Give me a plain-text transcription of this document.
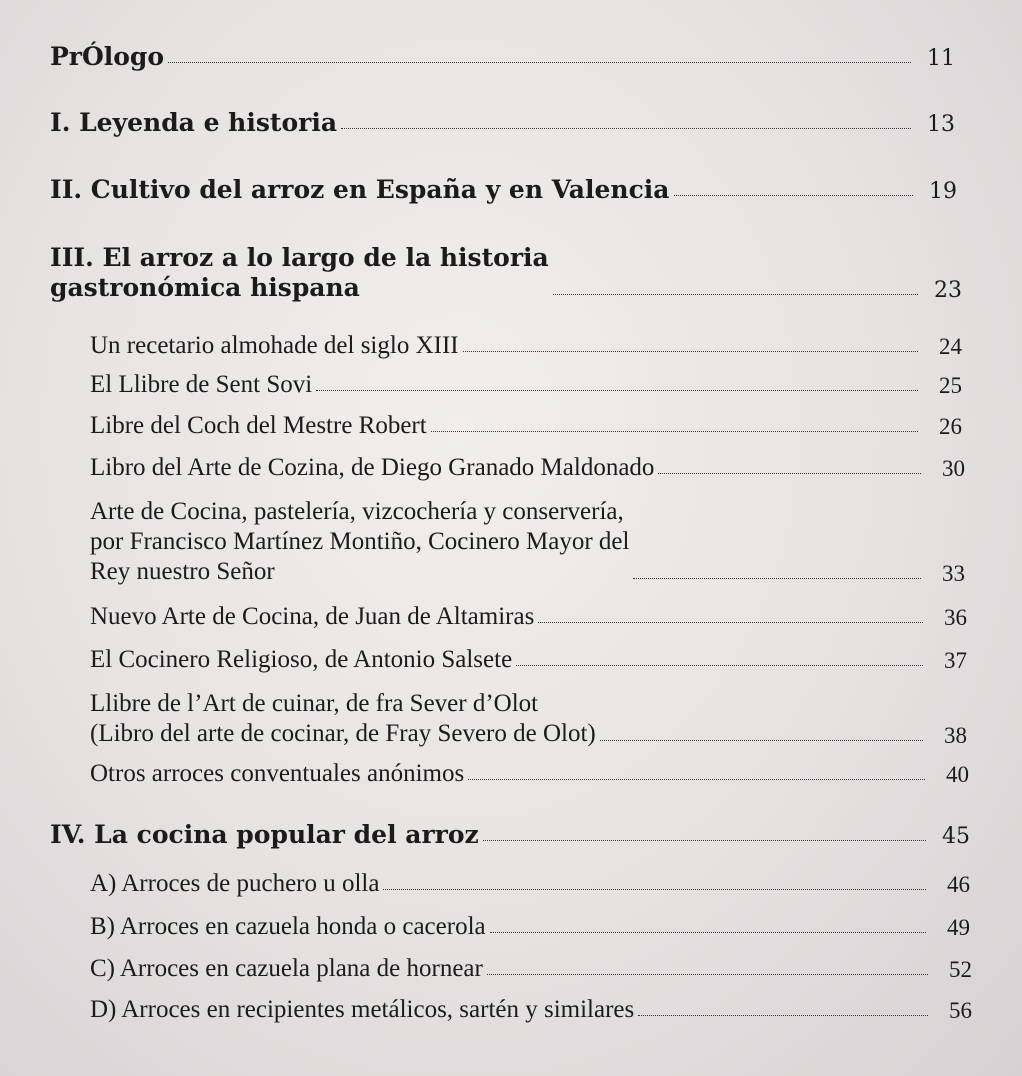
PrÓlogo	11
I. Leyenda e historia	13
II. Cultivo del arroz en España y en Valencia	19
III. El arroz a lo largo de la historia
gastronómica hispana	23
Un recetario almohade del siglo XIII	24
El Llibre de Sent Sovi	25
Libre del Coch del Mestre Robert	26
Libro del Arte de Cozina, de Diego Granado Maldonado	30
Arte de Cocina, pastelería, vizcochería y conservería,
por Francisco Martínez Montiño, Cocinero Mayor del
Rey nuestro Señor	33
Nuevo Arte de Cocina, de Juan de Altamiras	36
El Cocinero Religioso, de Antonio Salsete	37
Llibre de l’Art de cuinar, de fra Sever d’Olot
(Libro del arte de cocinar, de Fray Severo de Olot)	38
Otros arroces conventuales anónimos	40
IV. La cocina popular del arroz	45
A) Arroces de puchero u olla	46
B) Arroces en cazuela honda o cacerola	49
C) Arroces en cazuela plana de hornear	52
D) Arroces en recipientes metálicos, sartén y similares	56
